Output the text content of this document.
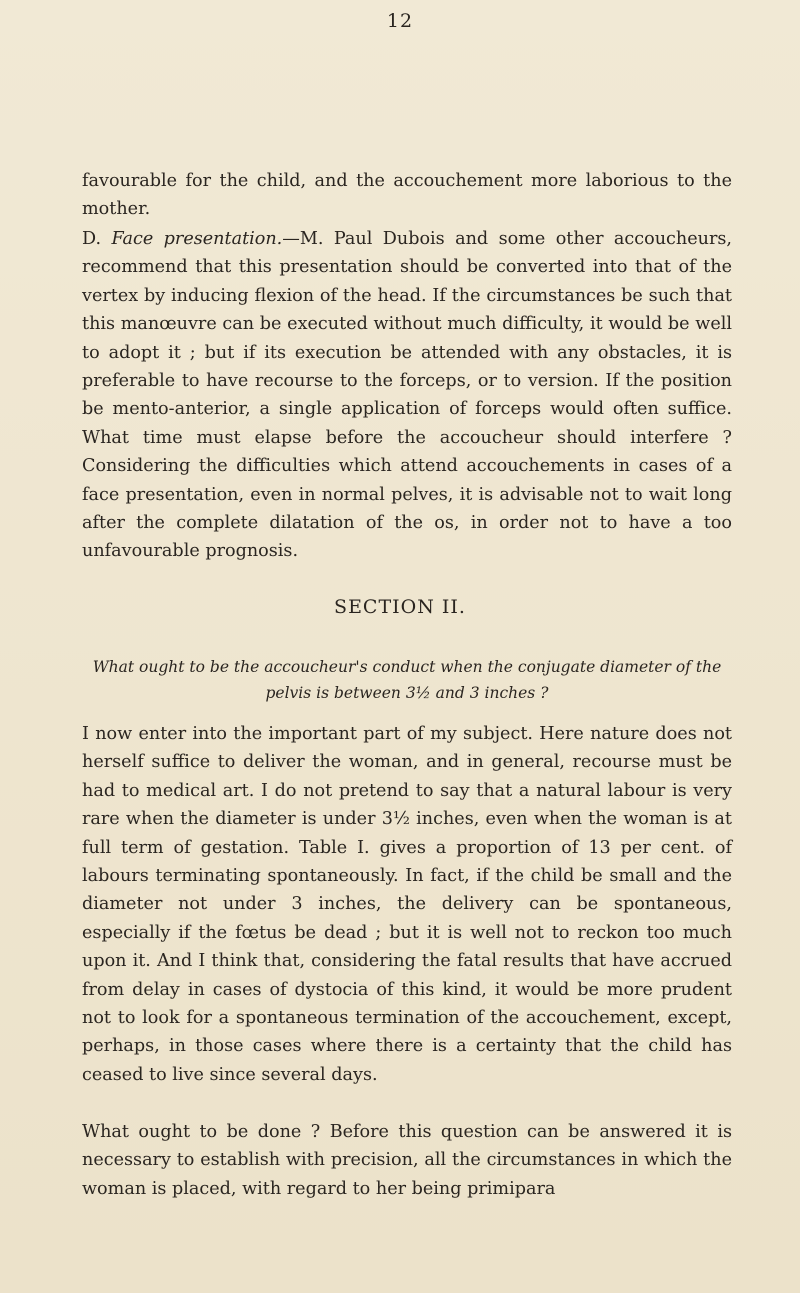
12

favourable for the child, and the accouchement more laborious to the mother.

D. Face presentation.—M. Paul Dubois and some other accoucheurs, recommend that this presentation should be converted into that of the vertex by inducing flexion of the head. If the circumstances be such that this manœuvre can be executed without much difficulty, it would be well to adopt it ; but if its execution be attended with any obstacles, it is preferable to have recourse to the forceps, or to version. If the position be mento-anterior, a single application of forceps would often suffice. What time must elapse before the accoucheur should interfere ? Considering the difficulties which attend accouchements in cases of a face presentation, even in normal pelves, it is advisable not to wait long after the complete dilatation of the os, in order not to have a too unfavourable prognosis.

SECTION II.
What ought to be the accoucheur's conduct when the conjugate diameter of the pelvis is between 3½ and 3 inches ?

I now enter into the important part of my subject. Here nature does not herself suffice to deliver the woman, and in general, recourse must be had to medical art. I do not pretend to say that a natural labour is very rare when the diameter is under 3½ inches, even when the woman is at full term of gestation. Table I. gives a proportion of 13 per cent. of labours terminating spontaneously. In fact, if the child be small and the diameter not under 3 inches, the delivery can be spontaneous, especially if the fœtus be dead ; but it is well not to reckon too much upon it. And I think that, considering the fatal results that have accrued from delay in cases of dystocia of this kind, it would be more prudent not to look for a spontaneous termination of the accouchement, except, perhaps, in those cases where there is a certainty that the child has ceased to live since several days.

What ought to be done ? Before this question can be answered it is necessary to establish with precision, all the circumstances in which the woman is placed, with regard to her being primipara
